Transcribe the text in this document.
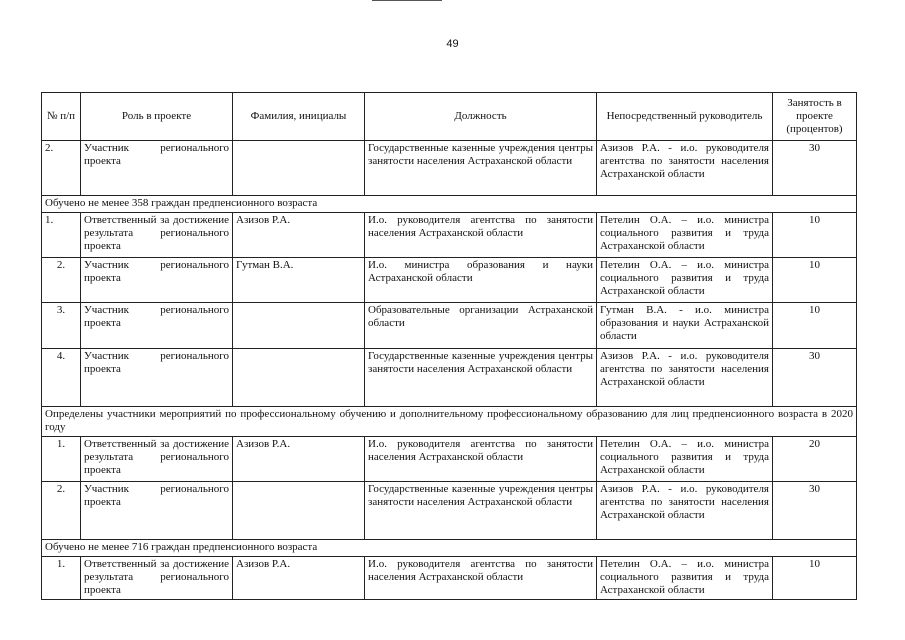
49
№ п/п	Роль в проекте	Фамилия, инициалы	Должность	Непосредственный руководитель	Занятость в проекте (процентов)
2.	Участник регионального проекта		Государственные казенные учреждения центры занятости населения Астраханской области	Азизов Р.А. - и.о. руководителя агентства по занятости населения Астраханской области	30
Обучено не менее 358 граждан предпенсионного возраста					
1.	Ответственный за достижение результата регионального проекта	Азизов Р.А.	И.о. руководителя агентства по занятости населения Астраханской области	Петелин О.А. – и.о. министра социального развития и труда Астраханской области	10
2.	Участник регионального проекта	Гутман В.А.	И.о. министра образования и науки Астраханской области	Петелин О.А. – и.о. министра социального развития и труда Астраханской области	10
3.	Участник регионального проекта		Образовательные организации Астраханской области	Гутман В.А. - и.о. министра образования и науки Астраханской области	10
4.	Участник регионального проекта		Государственные казенные учреждения центры занятости населения Астраханской области	Азизов Р.А. - и.о. руководителя агентства по занятости населения Астраханской области	30
Определены участники мероприятий по профессиональному обучению и дополнительному профессиональному образованию для лиц предпенсионного возраста в 2020 году					
1.	Ответственный за достижение результата регионального проекта	Азизов Р.А.	И.о. руководителя агентства по занятости населения Астраханской области	Петелин О.А. – и.о. министра социального развития и труда Астраханской области	20
2.	Участник регионального проекта		Государственные казенные учреждения центры занятости населения Астраханской области	Азизов Р.А. - и.о. руководителя агентства по занятости населения Астраханской области	30
Обучено не менее 716 граждан предпенсионного возраста					
1.	Ответственный за достижение результата регионального проекта	Азизов Р.А.	И.о. руководителя агентства по занятости населения Астраханской области	Петелин О.А. – и.о. министра социального развития и труда Астраханской области	10
